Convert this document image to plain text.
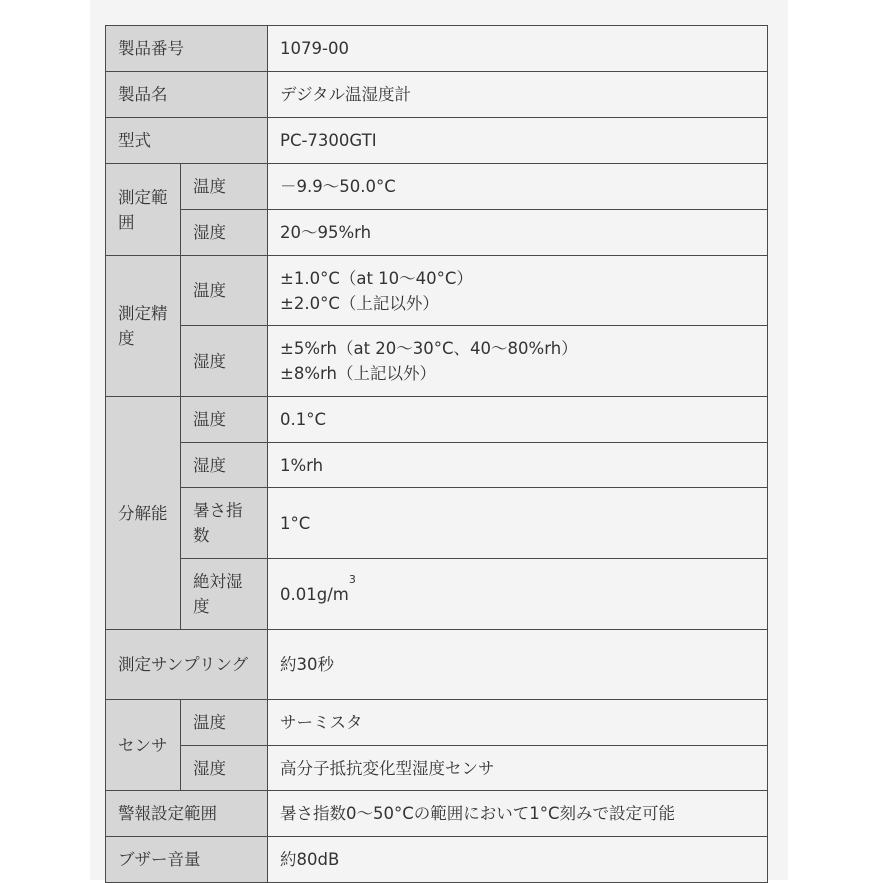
製品番号		1079-00
製品名		デジタル温湿度計
型式		PC-7300GTI
測定範囲	温度	－9.9～50.0°C
	湿度	20～95%rh
測定精度	温度	±1.0°C（at 10～40°C）
±2.0°C（上記以外）

	湿度	±5%rh（at 20～30°C、40～80%rh）
±8%rh（上記以外）

分解能	温度	0.1°C
	湿度	1%rh
	暑さ指数	1°C
	絶対湿度	$0.01g/m^3$
測定サンプリング		約30秒
センサ	温度	サーミスタ
	湿度	高分子抵抗変化型湿度センサ
警報設定範囲		暑さ指数0～50°Cの範囲において1°C刻みで設定可能
ブザー音量		約80dB
